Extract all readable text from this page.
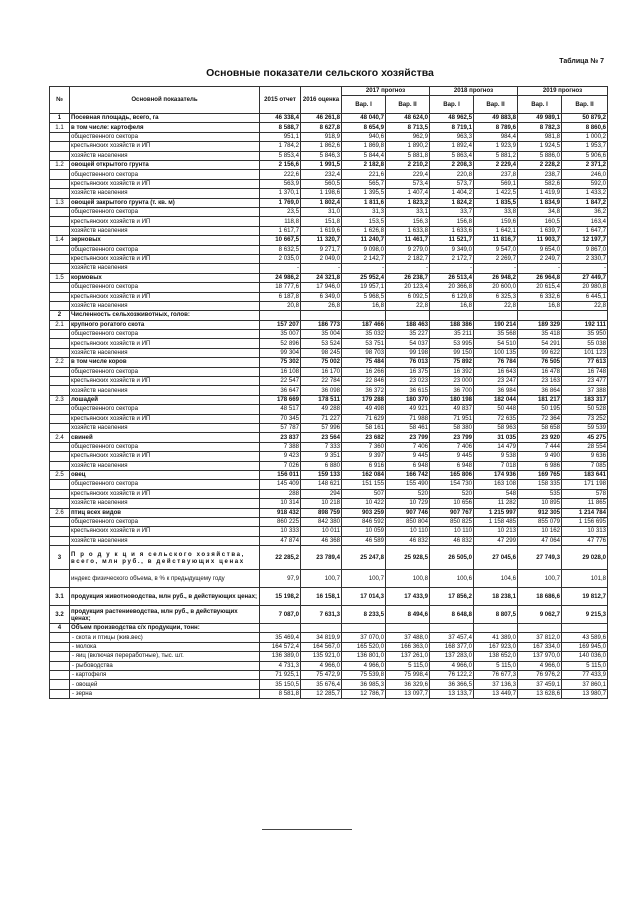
Таблица № 7
Основные показатели сельского хозяйства
№	Основной показатель	2015 отчет	2016 оценка	2017 прогноз		2018 прогноз		2019 прогноз	
				Вар. I	Вар. II	Вар. I	Вар. II	Вар. I	Вар. II
1	Посевная площадь, всего, га	46 338,4	46 261,8	48 040,7	48 624,0	48 962,5	49 883,8	49 989,1	50 879,2
1.1	в том числе: картофеля	8 588,7	8 627,8	8 654,9	8 713,5	8 719,1	8 789,6	8 782,3	8 860,6
	общественного сектора	951,1	918,9	940,6	962,9	963,3	984,4	981,8	1 000,2
	крестьянских хозяйств и ИП	1 784,2	1 862,6	1 869,8	1 890,2	1 892,4	1 923,9	1 924,5	1 953,7
	хозяйств населения	5 853,4	5 846,3	5 844,4	5 881,8	5 863,4	5 881,2	5 886,0	5 906,6
1.2	овощей открытого грунта	2 156,6	1 991,5	2 182,8	2 210,2	2 208,3	2 229,4	2 228,2	2 371,2
	общественного сектора	222,6	232,4	221,6	229,4	220,8	237,8	238,7	246,0
	крестьянских хозяйств и ИП	563,9	560,5	565,7	573,4	573,7	569,1	582,6	592,0
	хозяйств населения	1 370,1	1 198,6	1 395,5	1 407,4	1 404,2	1 422,5	1 419,9	1 433,2
1.3	овощей закрытого грунта (т. кв. м)	1 769,0	1 802,4	1 811,6	1 823,2	1 824,2	1 835,5	1 834,9	1 847,2
	общественного сектора	23,5	31,0	31,3	33,1	33,7	33,8	34,8	36,2
	крестьянских хозяйств и ИП	118,8	151,8	153,5	156,3	156,8	159,6	160,5	163,4
	хозяйств населения	1 617,7	1 619,6	1 626,8	1 633,8	1 633,6	1 642,1	1 639,7	1 647,7
1.4	зерновых	10 667,5	11 320,7	11 240,7	11 461,7	11 521,7	11 816,7	11 903,7	12 197,7
	общественного сектора	8 632,5	9 271,7	9 098,0	9 279,0	9 349,0	9 547,0	9 654,0	9 867,0
	крестьянских хозяйств и ИП	2 035,0	2 049,0	2 142,7	2 182,7	2 172,7	2 269,7	2 249,7	2 330,7
	хозяйств населения	-	-	-	-	-	-	-	-
1.5	кормовых	24 986,2	24 321,8	25 952,4	26 238,7	26 513,4	26 948,2	26 964,8	27 449,7
	общественного сектора	18 777,6	17 946,0	19 957,1	20 123,4	20 366,8	20 600,0	20 615,4	20 980,8
	крестьянских хозяйств и ИП	6 187,8	6 349,0	5 968,5	6 092,5	6 129,8	6 325,3	6 332,6	6 445,1
	хозяйств населения	20,8	26,8	16,8	22,8	16,8	22,8	16,8	22,8
2	Численность сельхозживотных, голов:								
2.1	крупного рогатого скота	157 207	186 773	187 466	188 463	188 386	190 214	189 329	192 111
	общественного сектора	35 007	35 004	35 032	35 227	35 211	35 568	35 418	35 950
	крестьянских хозяйств и ИП	52 896	53 524	53 751	54 037	53 995	54 510	54 291	55 038
	хозяйств населения	99 304	98 245	98 703	99 198	99 150	100 135	99 622	101 123
2.2	в том числе коров	75 302	75 002	75 484	76 013	75 892	76 784	76 505	77 613
	общественного сектора	16 108	16 170	16 266	16 375	16 392	16 643	16 478	16 748
	крестьянских хозяйств и ИП	22 547	22 784	22 846	23 023	23 000	23 247	23 163	23 477
	хозяйств населения	36 647	36 098	36 372	36 615	36 700	36 984	36 864	37 388
2.3	лошадей	178 669	178 511	179 288	180 370	180 198	182 044	181 217	183 317
	общественного сектора	48 517	49 288	49 498	49 921	49 837	50 448	50 195	50 528
	крестьянских хозяйств и ИП	70 345	71 227	71 629	71 988	71 951	72 635	72 364	73 252
	хозяйств населения	57 787	57 996	58 161	58 461	58 380	58 963	58 658	59 539
2.4	свиней	23 837	23 564	23 682	23 799	23 799	31 035	23 920	45 275
	общественного сектора	7 388	7 333	7 360	7 406	7 406	14 479	7 444	28 554
	крестьянских хозяйств и ИП	9 423	9 351	9 397	9 445	9 445	9 538	9 490	9 636
	хозяйств населения	7 026	6 880	6 916	6 948	6 948	7 018	6 986	7 085
2.5	овец	156 011	159 133	162 084	166 742	165 806	174 936	169 765	183 641
	общественного сектора	145 409	148 621	151 155	155 490	154 730	163 108	158 335	171 198
	крестьянских хозяйств и ИП	288	294	507	520	520	548	535	578
	хозяйств населения	10 314	10 218	10 422	10 729	10 656	11 282	10 895	11 865
2.6	птиц всех видов	918 432	898 759	903 259	907 746	907 767	1 215 997	912 305	1 214 784
	общественного сектора	860 225	842 380	846 592	850 804	850 825	1 158 485	855 079	1 156 695
	крестьянских хозяйств и ИП	10 333	10 011	10 059	10 110	10 110	10 213	10 162	10 313
	хозяйств населения	47 874	46 368	46 589	46 832	46 832	47 299	47 064	47 776
3	П р о д у к ц и я сельского хозяйства, всего, млн руб., в действующих ценах	22 285,2	23 789,4	25 247,8	25 928,5	26 505,0	27 045,6	27 749,3	29 028,0
	индекс физического объема, в % к предыдущему году	97,9	100,7	100,7	100,8	100,6	104,6	100,7	101,8
3.1	продукция животноводства, млн руб., в действующих ценах;	15 198,2	16 158,1	17 014,3	17 433,9	17 856,2	18 238,1	18 686,6	19 812,7
3.2	продукция растениеводства, млн руб., в действующих ценах;	7 087,0	7 631,3	8 233,5	8 494,6	8 648,8	8 807,5	9 062,7	9 215,3
4	Объем производства с/х продукции, тонн:								
	- скота и птицы (жив.вес)	35 469,4	34 819,9	37 070,0	37 488,0	37 457,4	41 389,0	37 812,0	43 589,6
	- молока	164 572,4	164 567,0	165 520,0	166 363,0	168 377,0	167 923,0	167 334,0	169 945,0
	- яиц (включая переработные), тыс. шт.	136 389,0	135 921,0	136 801,0	137 261,0	137 283,0	138 652,0	137 970,0	140 036,0
	- рыбоводства	4 731,3	4 966,0	4 966,0	5 115,0	4 966,0	5 115,0	4 966,0	5 115,0
	- картофеля	71 925,1	75 472,9	75 539,8	75 998,4	76 122,2	76 677,3	76 976,2	77 433,9
	- овощей	35 150,5	35 676,4	36 985,3	36 329,6	36 366,5	37 136,3	37 459,1	37 860,1
	- зерна	8 581,8	12 285,7	12 786,7	13 097,7	13 133,7	13 449,7	13 628,6	13 980,7
